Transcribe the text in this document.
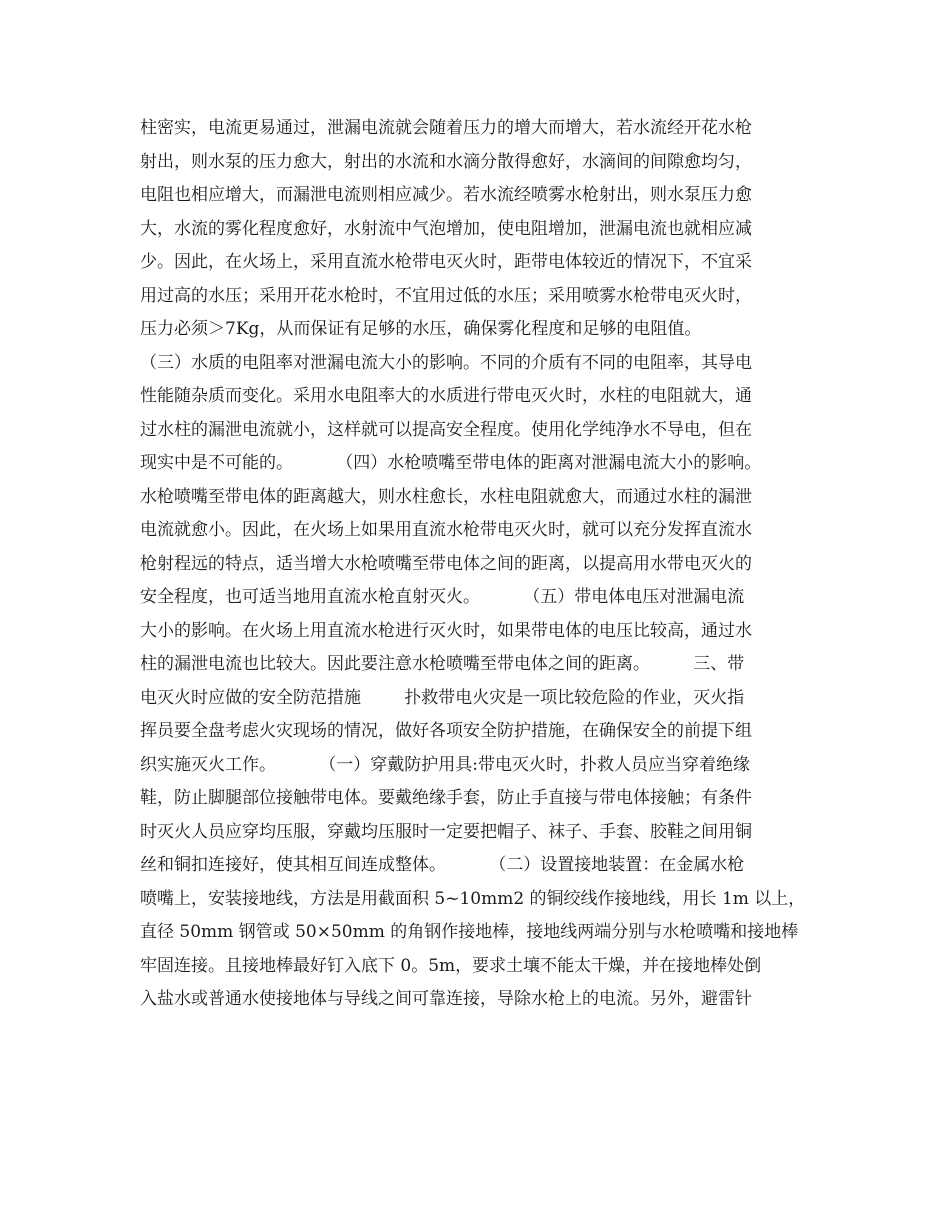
柱密实，电流更易通过，泄漏电流就会随着压力的增大而增大，若水流经开花水枪
射出，则水泵的压力愈大，射出的水流和水滴分散得愈好，水滴间的间隙愈均匀，
电阻也相应增大，而漏泄电流则相应减少。若水流经喷雾水枪射出，则水泵压力愈
大，水流的雾化程度愈好，水射流中气泡增加，使电阻增加，泄漏电流也就相应减
少。因此，在火场上，采用直流水枪带电灭火时，距带电体较近的情况下，不宜采
用过高的水压；采用开花水枪时，不宜用过低的水压；采用喷雾水枪带电灭火时，
压力必须＞7Kg，从而保证有足够的水压，确保雾化程度和足够的电阻值。
（三）水质的电阻率对泄漏电流大小的影响。不同的介质有不同的电阻率，其导电
性能随杂质而变化。采用水电阻率大的水质进行带电灭火时，水柱的电阻就大，通
过水柱的漏泄电流就小，这样就可以提高安全程度。使用化学纯净水不导电，但在
现实中是不可能的。        （四）水枪喷嘴至带电体的距离对泄漏电流大小的影响。
水枪喷嘴至带电体的距离越大，则水柱愈长，水柱电阻就愈大，而通过水柱的漏泄
电流就愈小。因此，在火场上如果用直流水枪带电灭火时，就可以充分发挥直流水
枪射程远的特点，适当增大水枪喷嘴至带电体之间的距离，以提高用水带电灭火的
安全程度，也可适当地用直流水枪直射灭火。        （五）带电体电压对泄漏电流
大小的影响。在火场上用直流水枪进行灭火时，如果带电体的电压比较高，通过水
柱的漏泄电流也比较大。因此要注意水枪喷嘴至带电体之间的距离。        三、带
电灭火时应做的安全防范措施        扑救带电火灾是一项比较危险的作业，灭火指
挥员要全盘考虑火灾现场的情况，做好各项安全防护措施，在确保安全的前提下组
织实施灭火工作。        （一）穿戴防护用具:带电灭火时，扑救人员应当穿着绝缘
鞋，防止脚腿部位接触带电体。要戴绝缘手套，防止手直接与带电体接触；有条件
时灭火人员应穿均压服，穿戴均压服时一定要把帽子、袜子、手套、胶鞋之间用铜
丝和铜扣连接好，使其相互间连成整体。        （二）设置接地装置：在金属水枪
喷嘴上，安装接地线，方法是用截面积 5~10mm2 的铜绞线作接地线，用长 1m 以上，
直径 50mm 钢管或 50×50mm 的角钢作接地棒，接地线两端分别与水枪喷嘴和接地棒
牢固连接。且接地棒最好钉入底下 0。5m，要求土壤不能太干燥，并在接地棒处倒
入盐水或普通水使接地体与导线之间可靠连接，导除水枪上的电流。另外，避雷针
